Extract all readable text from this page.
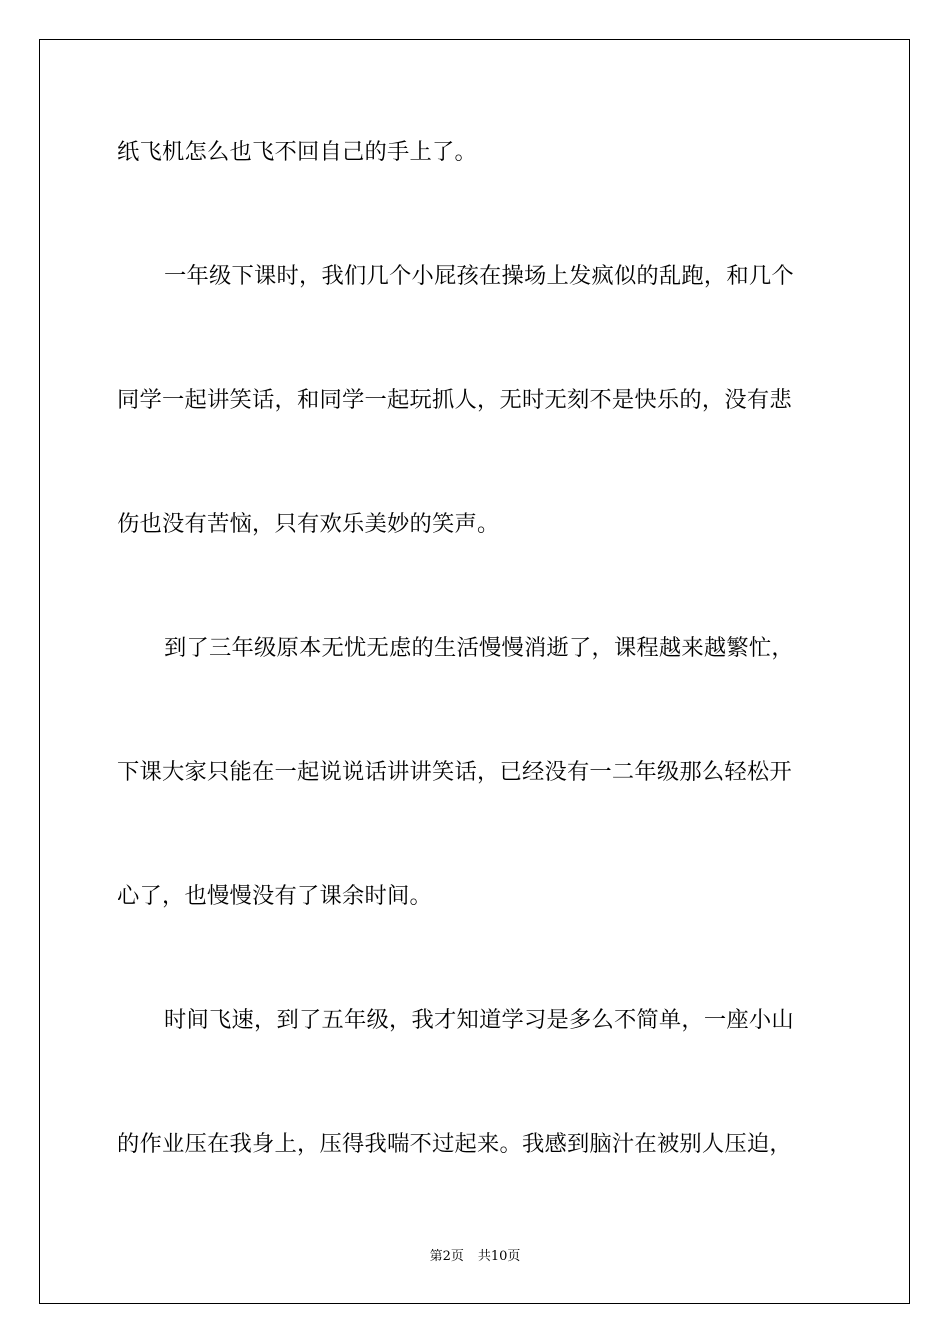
纸飞机怎么也飞不回自己的手上了。
一年级下课时，我们几个小屁孩在操场上发疯似的乱跑，和几个
同学一起讲笑话，和同学一起玩抓人，无时无刻不是快乐的，没有悲
伤也没有苦恼，只有欢乐美妙的笑声。
到了三年级原本无忧无虑的生活慢慢消逝了，课程越来越繁忙，
下课大家只能在一起说说话讲讲笑话，已经没有一二年级那么轻松开
心了，也慢慢没有了课余时间。
时间飞速，到了五年级，我才知道学习是多么不简单，一座小山
的作业压在我身上，压得我喘不过起来。我感到脑汁在被别人压迫，
第2页 共10页
